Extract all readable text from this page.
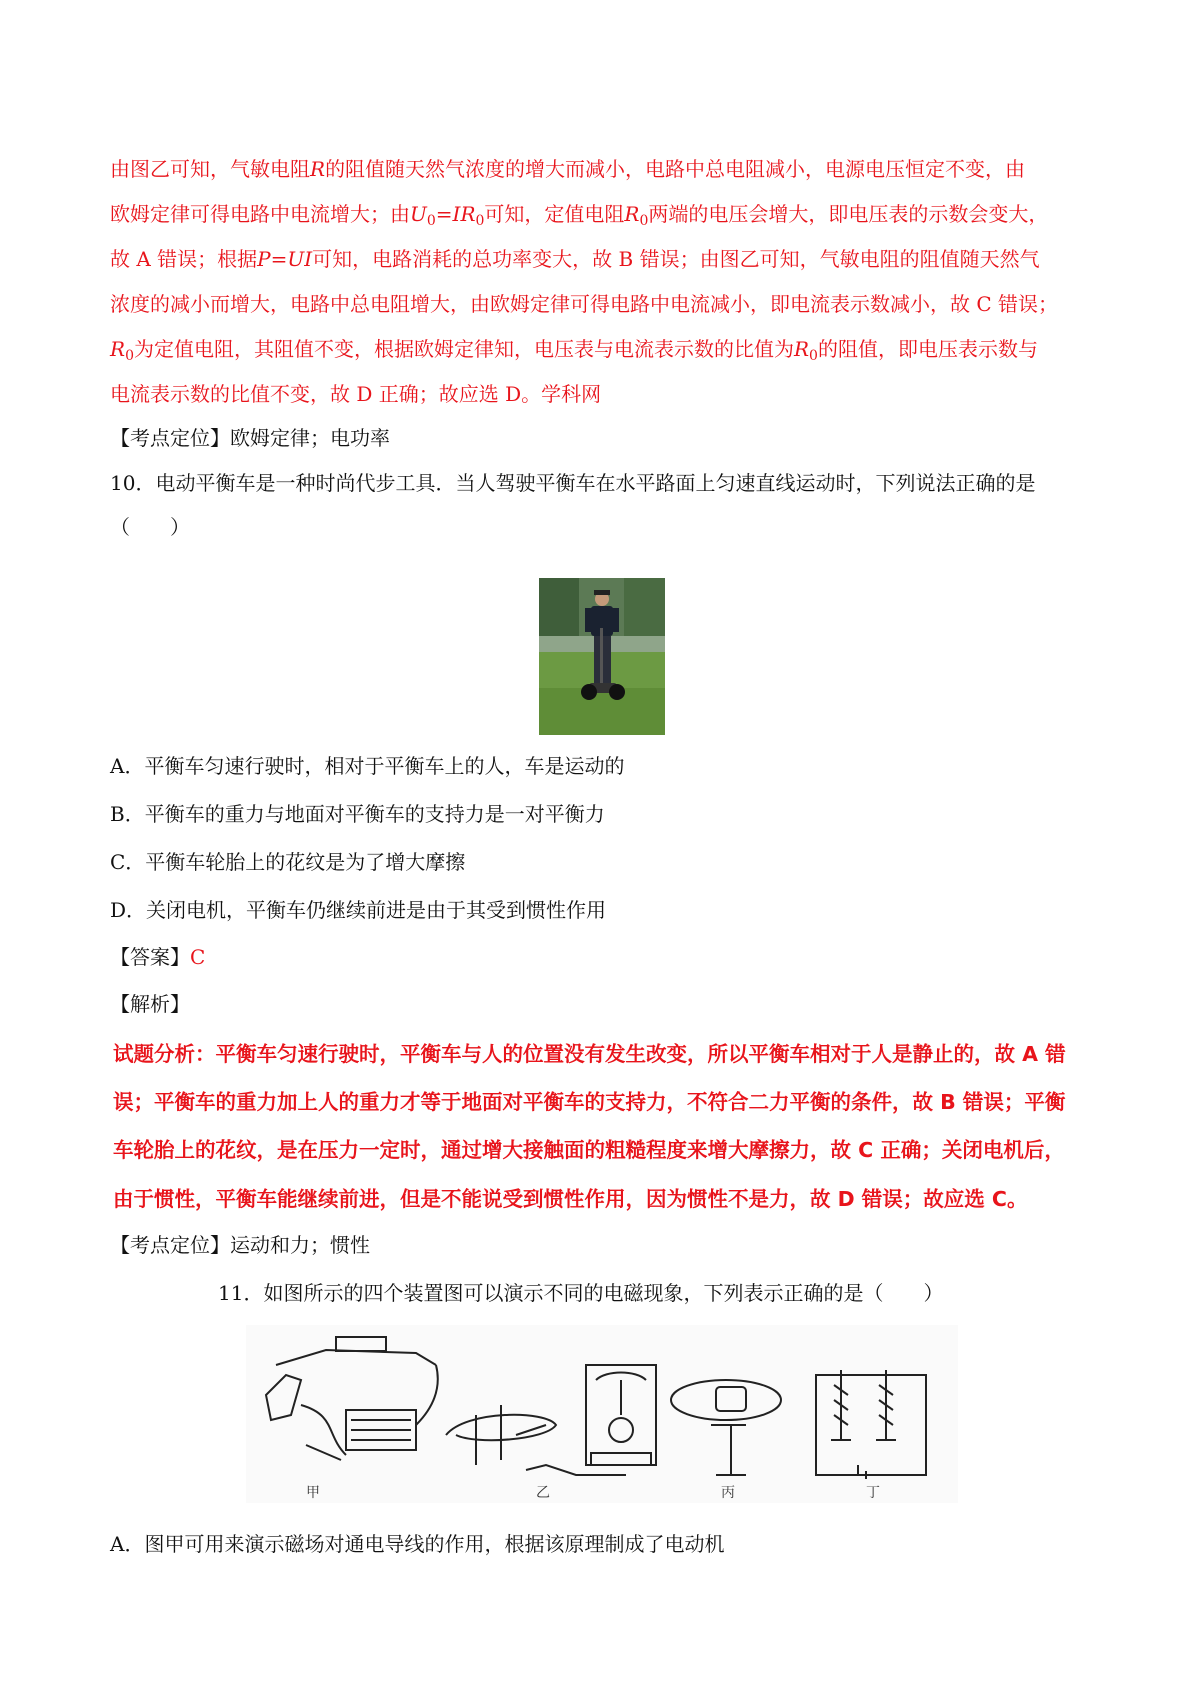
由图乙可知，气敏电阻R的阻值随天然气浓度的增大而减小，电路中总电阻减小，电源电压恒定不变，由
欧姆定律可得电路中电流增大；由$U_0=IR_0$可知，定值电阻$R_0$两端的电压会增大，即电压表的示数会变大，
故 A 错误；根据P=UI可知，电路消耗的总功率变大，故 B 错误；由图乙可知，气敏电阻的阻值随天然气
浓度的减小而增大，电路中总电阻增大，由欧姆定律可得电路中电流减小，即电流表示数减小，故 C 错误；
$R_0$为定值电阻，其阻值不变，根据欧姆定律知，电压表与电流表示数的比值为$R_0$的阻值，即电压表示数与
电流表示数的比值不变，故 D 正确；故应选 D。学科网
【考点定位】欧姆定律；电功率
10．电动平衡车是一种时尚代步工具．当人驾驶平衡车在水平路面上匀速直线运动时，下列说法正确的是
（　　）
A．平衡车匀速行驶时，相对于平衡车上的人，车是运动的
B．平衡车的重力与地面对平衡车的支持力是一对平衡力
C．平衡车轮胎上的花纹是为了增大摩擦
D．关闭电机，平衡车仍继续前进是由于其受到惯性作用
【答案】C
【解析】
试题分析：平衡车匀速行驶时，平衡车与人的位置没有发生改变，所以平衡车相对于人是静止的，故 A 错
误；平衡车的重力加上人的重力才等于地面对平衡车的支持力，不符合二力平衡的条件，故 B 错误；平衡
车轮胎上的花纹，是在压力一定时，通过增大接触面的粗糙程度来增大摩擦力，故 C 正确；关闭电机后，
由于惯性，平衡车能继续前进，但是不能说受到惯性作用，因为惯性不是力，故 D 错误；故应选 C。
【考点定位】运动和力；惯性
11．如图所示的四个装置图可以演示不同的电磁现象，下列表示正确的是（　　）
甲	乙	丙	丁
A．图甲可用来演示磁场对通电导线的作用，根据该原理制成了电动机
